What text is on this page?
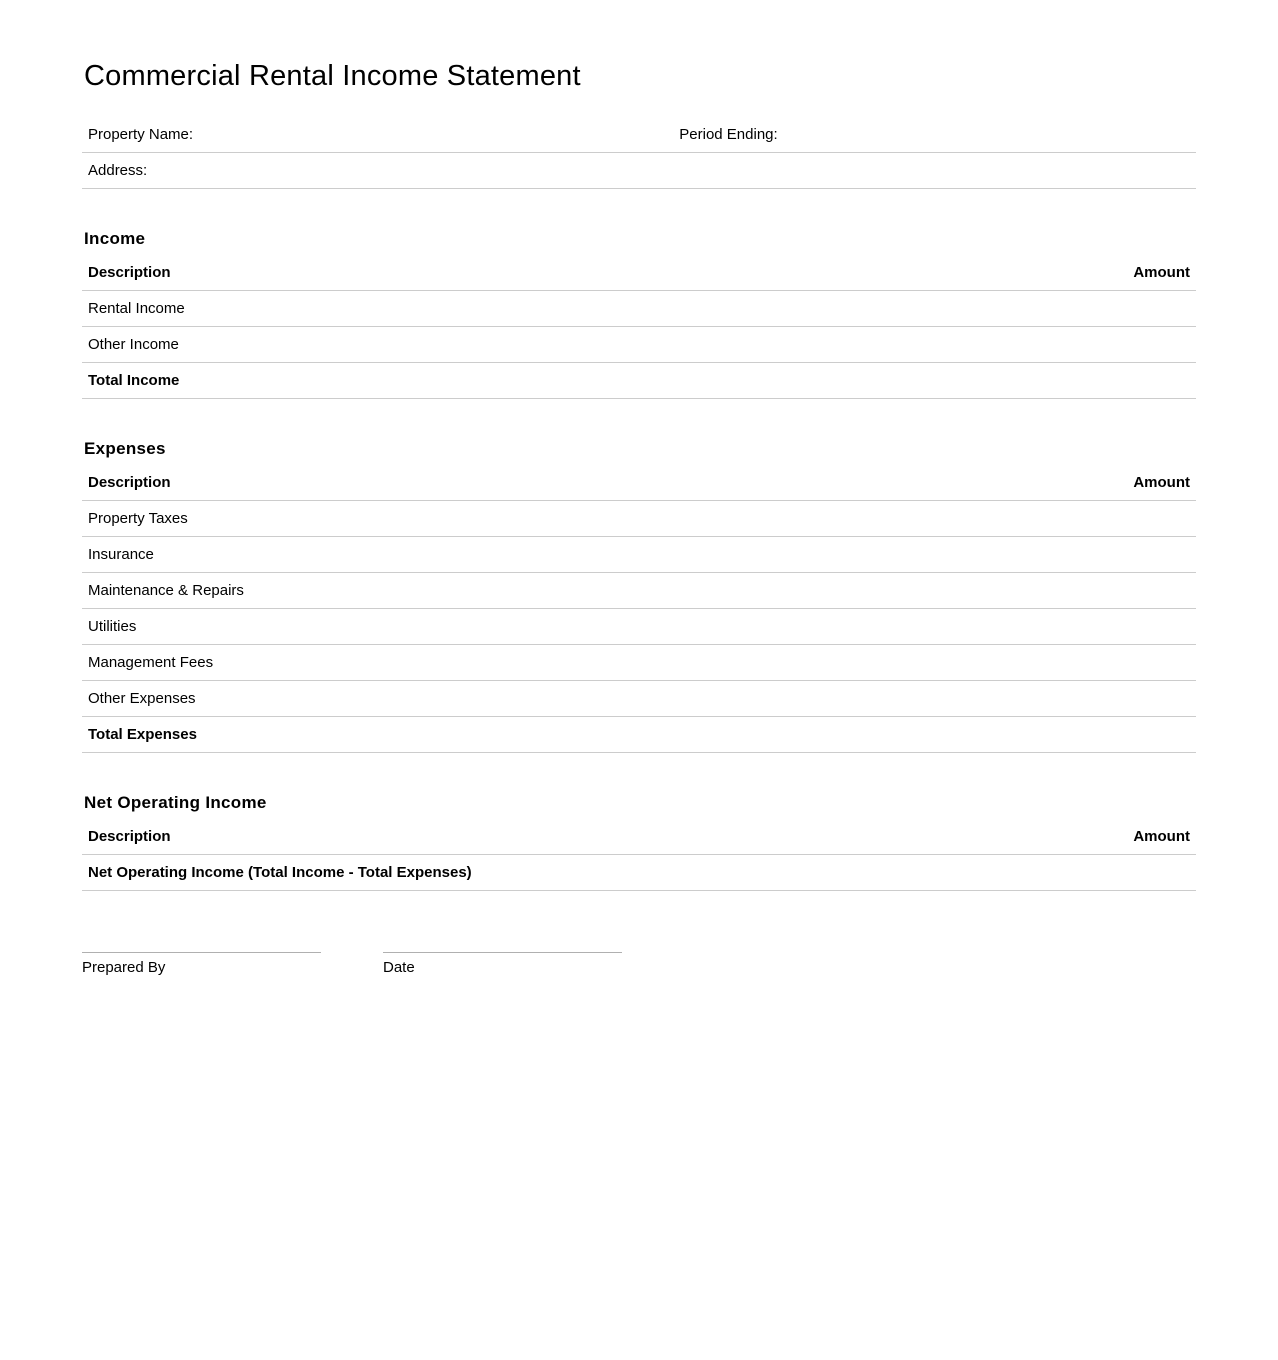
Commercial Rental Income Statement
Property Name:	Period Ending:
Address:
Income
Description	Amount
Rental Income	
Other Income	
Total Income	
Expenses
Description	Amount
Property Taxes	
Insurance	
Maintenance & Repairs	
Utilities	
Management Fees	
Other Expenses	
Total Expenses	
Net Operating Income
Description	Amount
Net Operating Income (Total Income - Total Expenses)	
Prepared By	Date
